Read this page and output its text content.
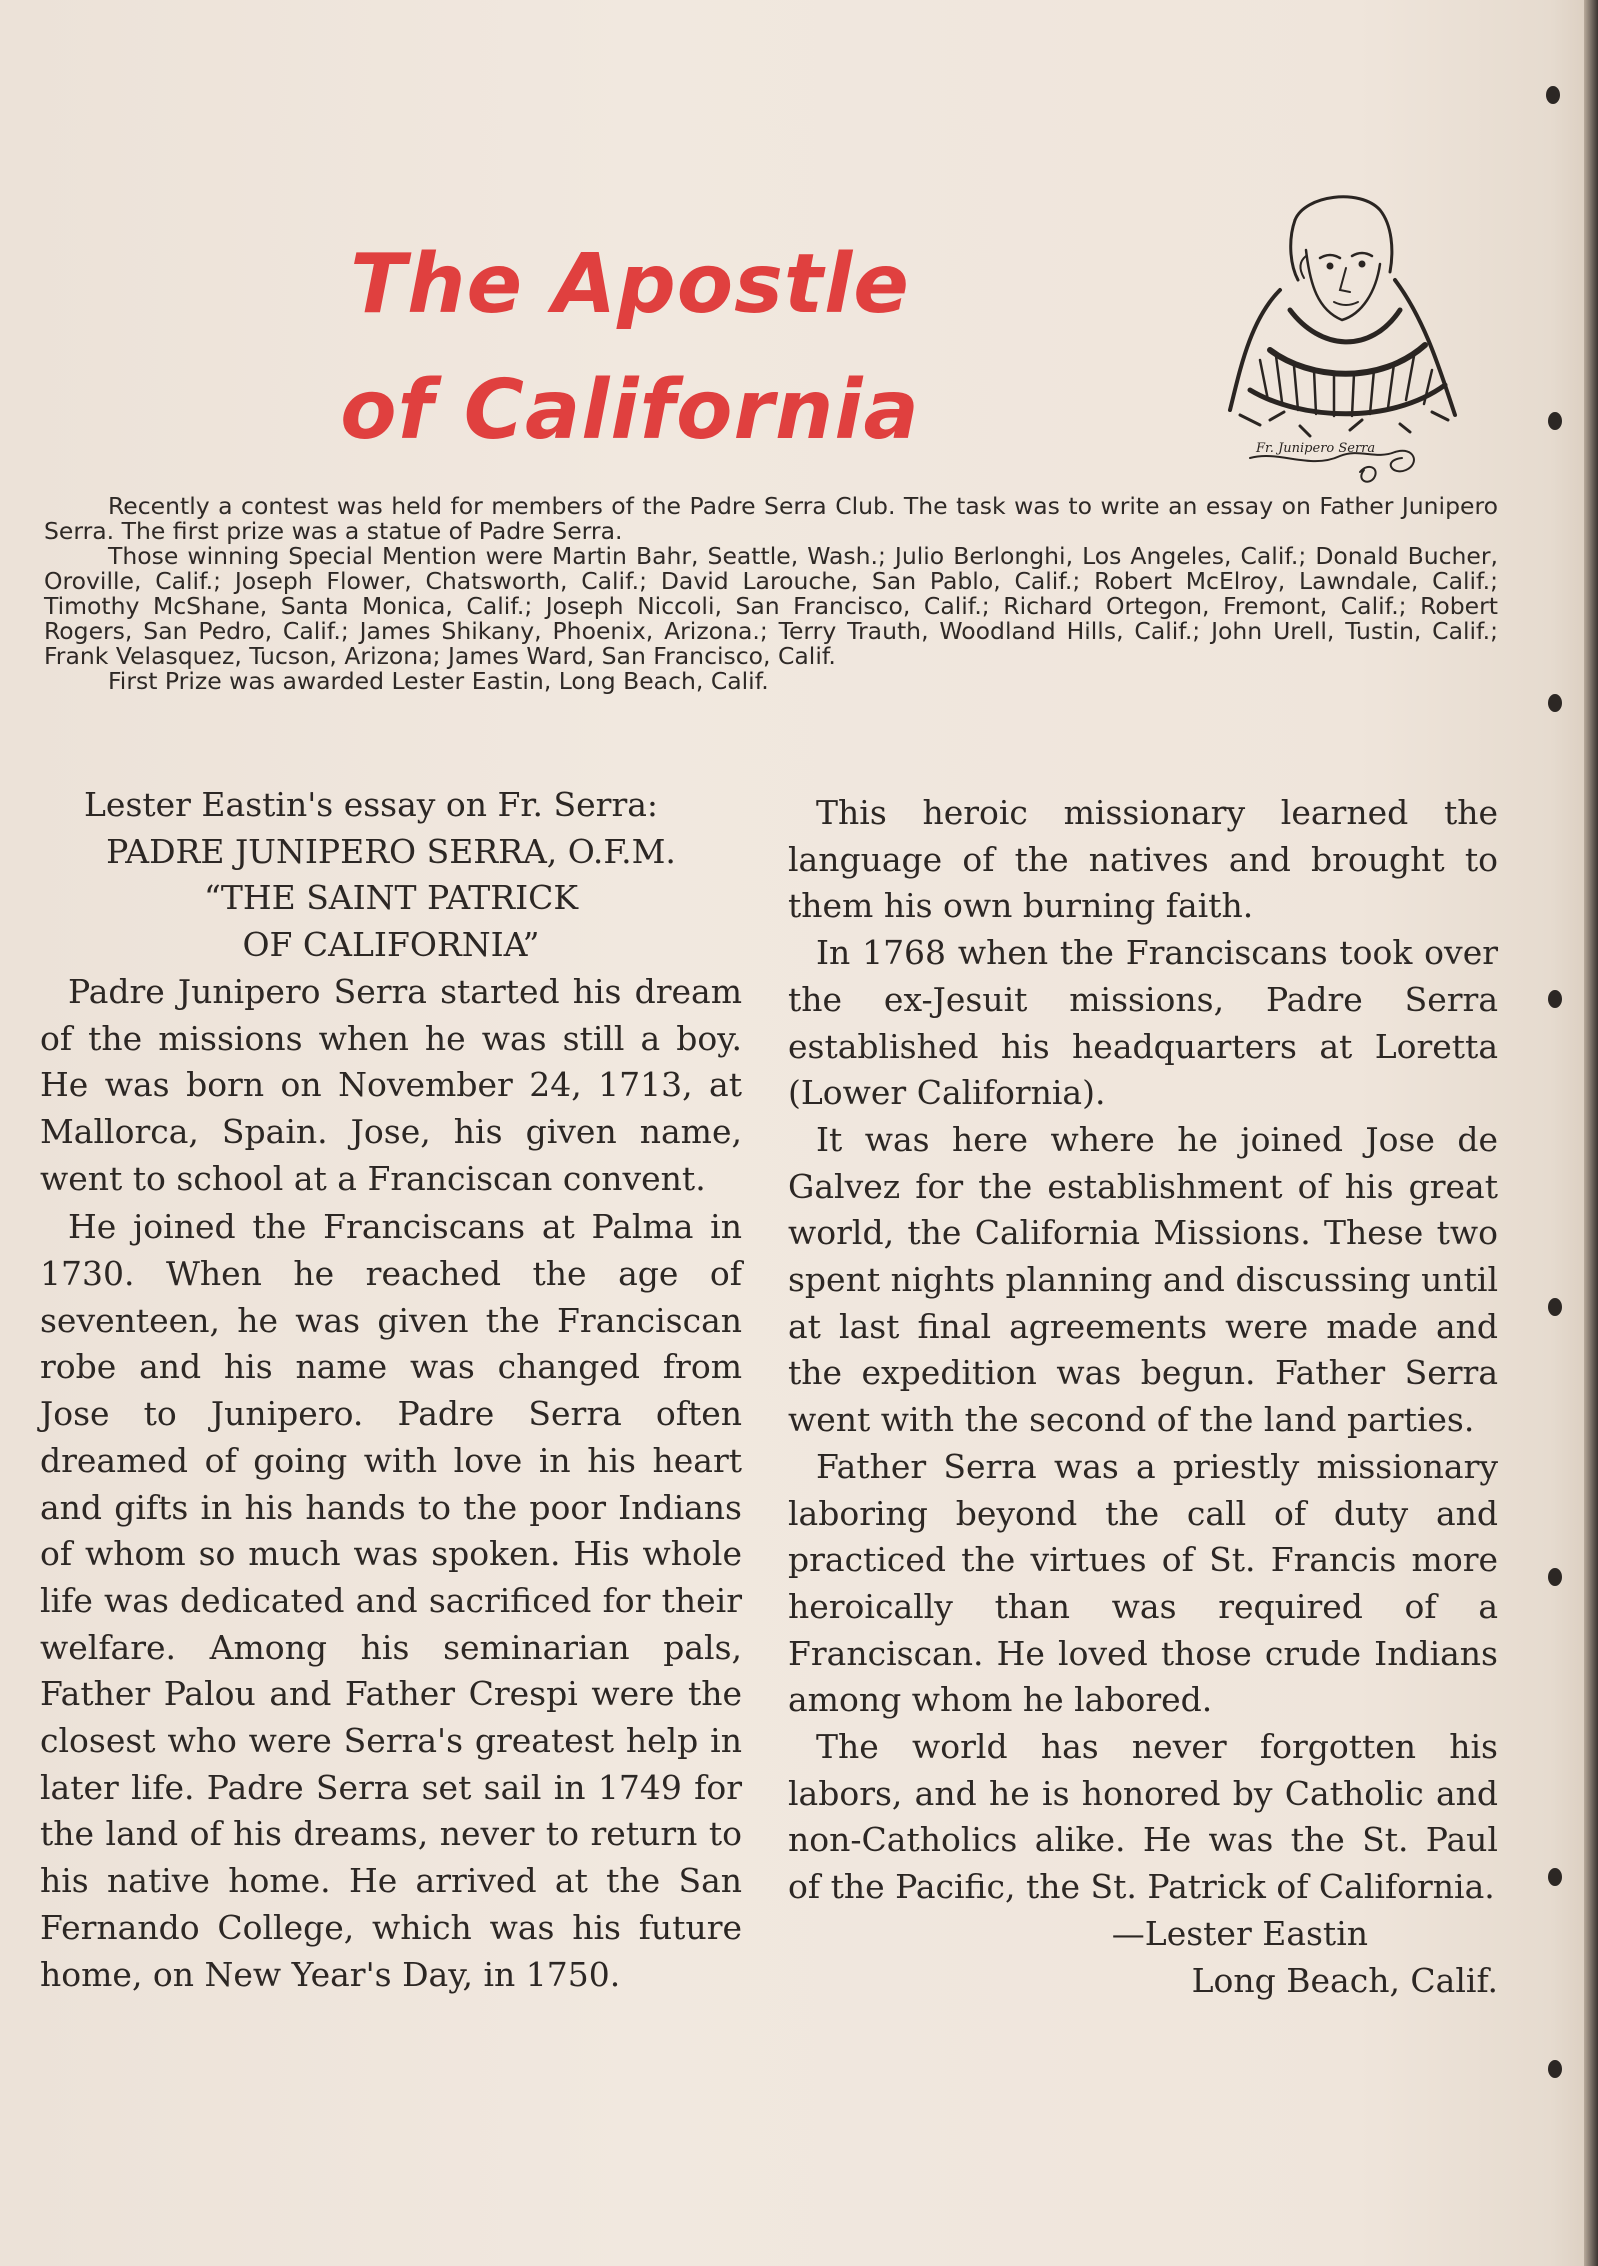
The Apostle
of California	Fr. Junipero Serra

Recently a contest was held for members of the Padre Serra Club. The task was to write an essay on Father Junipero Serra. The first prize was a statue of Padre Serra.

Those winning Special Mention were Martin Bahr, Seattle, Wash.; Julio Berlonghi, Los Angeles, Calif.; Donald Bucher, Oroville, Calif.; Joseph Flower, Chatsworth, Calif.; David Larouche, San Pablo, Calif.; Robert McElroy, Lawndale, Calif.; Timothy McShane, Santa Monica, Calif.; Joseph Niccoli, San Francisco, Calif.; Richard Ortegon, Fremont, Calif.; Robert Rogers, San Pedro, Calif.; James Shikany, Phoenix, Arizona.; Terry Trauth, Woodland Hills, Calif.; John Urell, Tustin, Calif.; Frank Velasquez, Tucson, Arizona; James Ward, San Francisco, Calif.

First Prize was awarded Lester Eastin, Long Beach, Calif.

Lester Eastin's essay on Fr. Serra:

PADRE JUNIPERO SERRA, O.F.M.

“THE SAINT PATRICK

OF CALIFORNIA”

Padre Junipero Serra started his dream of the missions when he was still a boy. He was born on November 24, 1713, at Mallorca, Spain. Jose, his given name, went to school at a Franciscan convent.

He joined the Franciscans at Palma in 1730. When he reached the age of seventeen, he was given the Franciscan robe and his name was changed from Jose to Junipero. Padre Serra often dreamed of going with love in his heart and gifts in his hands to the poor Indians of whom so much was spoken. His whole life was dedicated and sacrificed for their welfare. Among his seminarian pals, Father Palou and Father Crespi were the closest who were Serra's greatest help in later life. Padre Serra set sail in 1749 for the land of his dreams, never to return to his native home. He arrived at the San Fernando College, which was his future home, on New Year's Day, in 1750.

This heroic missionary learned the language of the natives and brought to them his own burning faith.

In 1768 when the Franciscans took over the ex-Jesuit missions, Padre Serra established his headquarters at Loretta (Lower California).

It was here where he joined Jose de Galvez for the establishment of his great world, the California Missions. These two spent nights planning and discussing until at last final agreements were made and the expedition was begun. Father Serra went with the second of the land parties.

Father Serra was a priestly missionary laboring beyond the call of duty and practiced the virtues of St. Francis more heroically than was required of a Franciscan. He loved those crude Indians among whom he labored.

The world has never forgotten his labors, and he is honored by Catholic and non-Catholics alike. He was the St. Paul of the Pacific, the St. Patrick of California.

—Lester Eastin

Long Beach, Calif.
